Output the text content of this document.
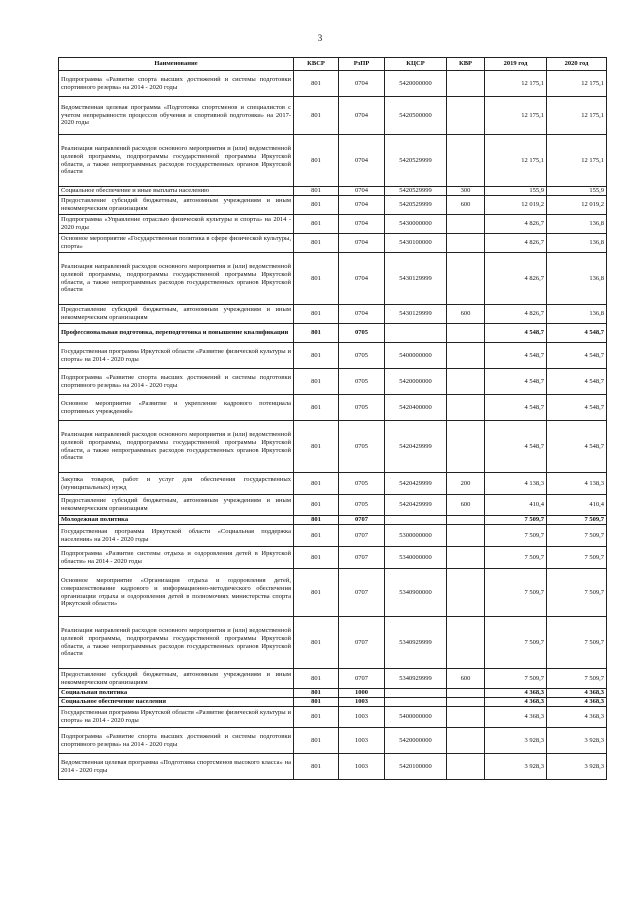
3
Наименование	КВСР	РзПР	КЦСР	КВР	2019 год	2020 год
Подпрограмма «Развитие спорта высших достижений и системы подготовки спортивного резерва» на 2014 - 2020 годы	801	0704	5420000000		12 175,1	12 175,1
Ведомственная целевая программа «Подготовка спортсменов и специалистов с учетом непрерывности процессов обучения и спортивной подготовки» на 2017-2020 годы	801	0704	5420500000		12 175,1	12 175,1
Реализация направлений расходов основного мероприятия и (или) ведомственной целевой программы, подпрограммы государственной программы Иркутской области, а также непрограммных расходов государственных органов Иркутской области	801	0704	5420529999		12 175,1	12 175,1
Социальное обеспечение и иные выплаты населению	801	0704	5420529999	300	155,9	155,9
Предоставление субсидий бюджетным, автономным учреждениям и иным некоммерческим организациям	801	0704	5420529999	600	12 019,2	12 019,2
Подпрограмма «Управление отраслью физической культуры и спорта» на 2014 - 2020 годы	801	0704	5430000000		4 826,7	136,8
Основное мероприятие «Государственная политика в сфере физической культуры, спорта»	801	0704	5430100000		4 826,7	136,8
Реализация направлений расходов основного мероприятия и (или) ведомственной целевой программы, подпрограммы государственной программы Иркутской области, а также непрограммных расходов государственных органов Иркутской области	801	0704	5430129999		4 826,7	136,8
Предоставление субсидий бюджетным, автономным учреждениям и иным некоммерческим организациям	801	0704	5430129999	600	4 826,7	136,8
Профессиональная подготовка, переподготовка и повышение квалификации	801	0705			4 548,7	4 548,7
Государственная программа Иркутской области «Развитие физической культуры и спорта» на 2014 - 2020 годы	801	0705	5400000000		4 548,7	4 548,7
Подпрограмма «Развитие спорта высших достижений и системы подготовки спортивного резерва» на 2014 - 2020 годы	801	0705	5420000000		4 548,7	4 548,7
Основное мероприятие «Развитие и укрепление кадрового потенциала спортивных учреждений»	801	0705	5420400000		4 548,7	4 548,7
Реализация направлений расходов основного мероприятия и (или) ведомственной целевой программы, подпрограммы государственной программы Иркутской области, а также непрограммных расходов государственных органов Иркутской области	801	0705	5420429999		4 548,7	4 548,7
Закупка товаров, работ и услуг для обеспечения государственных (муниципальных) нужд	801	0705	5420429999	200	4 138,3	4 138,3
Предоставление субсидий бюджетным, автономным учреждениям и иным некоммерческим организациям	801	0705	5420429999	600	410,4	410,4
Молодежная политика	801	0707			7 509,7	7 509,7
Государственная программа Иркутской области «Социальная поддержка населения» на 2014 - 2020 годы	801	0707	5300000000		7 509,7	7 509,7
Подпрограмма «Развитие системы отдыха и оздоровления детей в Иркутской области» на 2014 - 2020 годы	801	0707	5340000000		7 509,7	7 509,7
Основное мероприятие «Организация отдыха и оздоровления детей, совершенствование кадрового и информационно-методического обеспечения организации отдыха и оздоровления детей в полномочиях министерства спорта Иркутской области»	801	0707	5340900000		7 509,7	7 509,7
Реализация направлений расходов основного мероприятия и (или) ведомственной целевой программы, подпрограммы государственной программы Иркутской области, а также непрограммных расходов государственных органов Иркутской области	801	0707	5340929999		7 509,7	7 509,7
Предоставление субсидий бюджетным, автономным учреждениям и иным некоммерческим организациям	801	0707	5340929999	600	7 509,7	7 509,7
Социальная политика	801	1000			4 368,3	4 368,3
Социальное обеспечение населения	801	1003			4 368,3	4 368,3
Государственная программа Иркутской области «Развитие физической культуры и спорта» на 2014 - 2020 годы	801	1003	5400000000		4 368,3	4 368,3
Подпрограмма «Развитие спорта высших достижений и системы подготовки спортивного резерва» на 2014 - 2020 годы	801	1003	5420000000		3 928,3	3 928,3
Ведомственная целевая программа «Подготовка спортсменов высокого класса» на 2014 - 2020 годы	801	1003	5420100000		3 928,3	3 928,3
